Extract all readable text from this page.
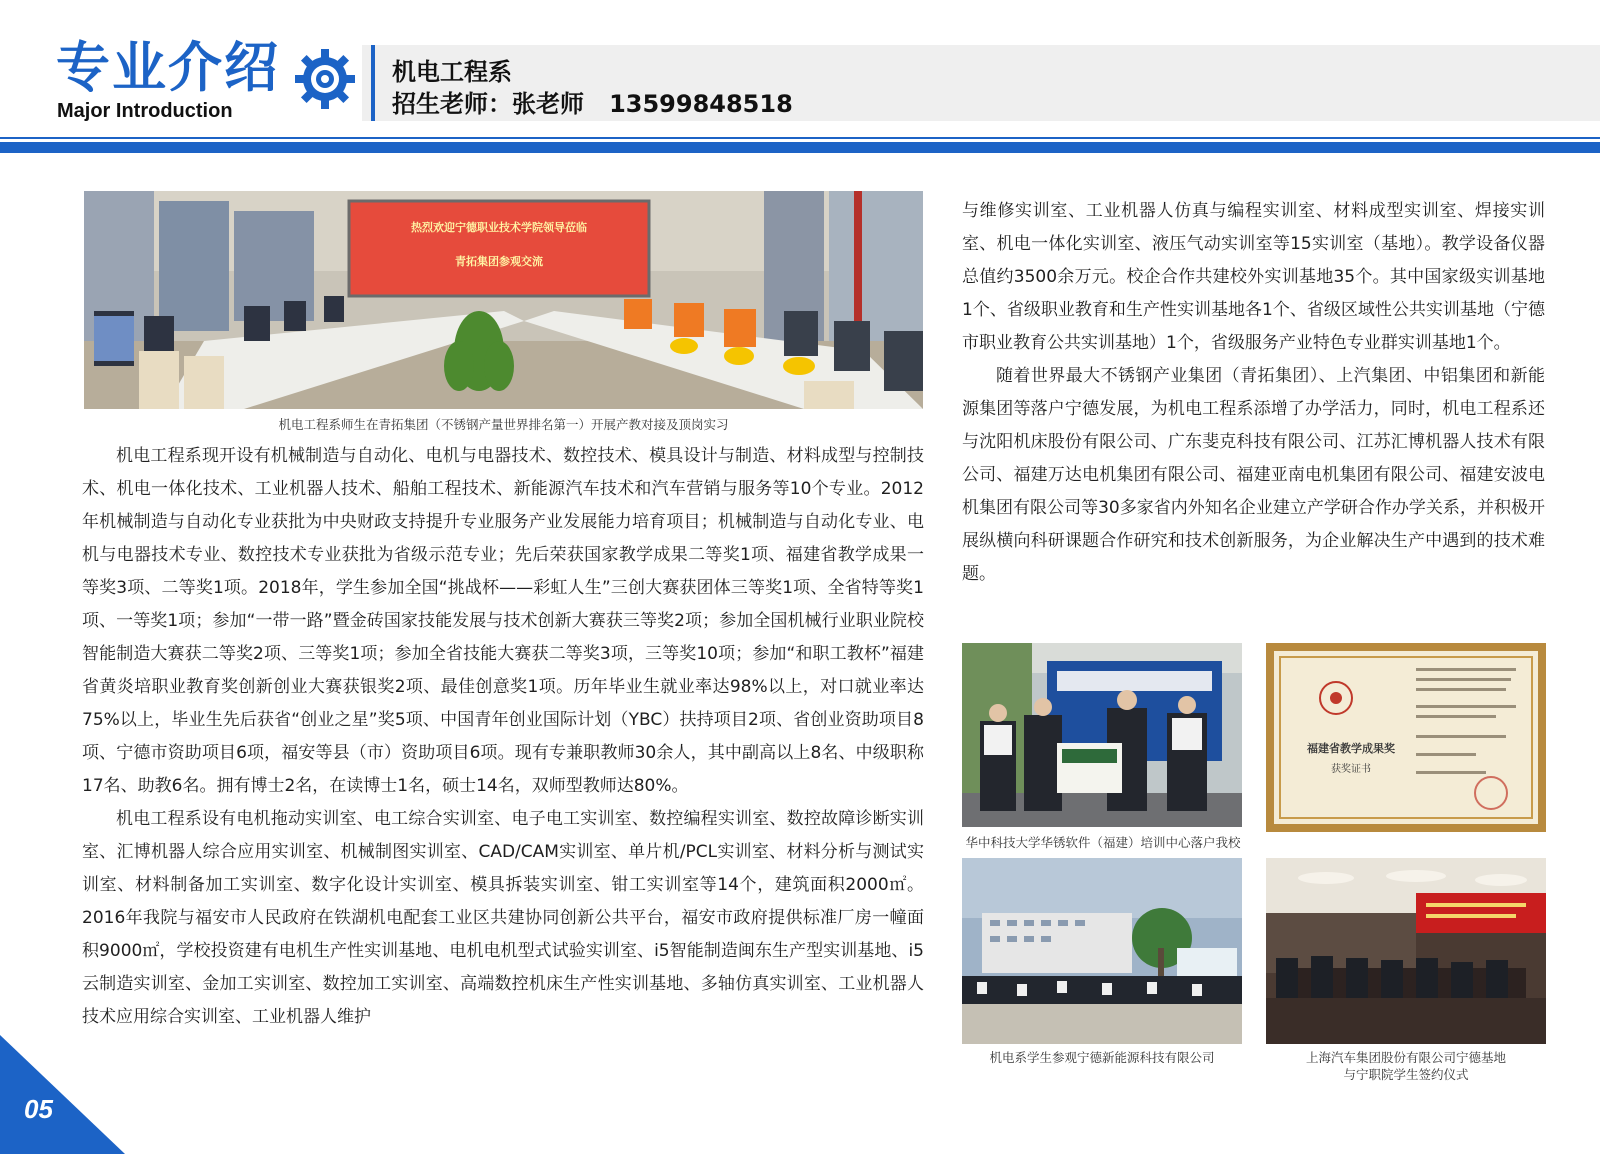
专业介绍
Major Introduction
机电工程系
招生老师：张老师 13599848518
热烈欢迎宁德职业技术学院领导莅临
青拓集团参观交流
机电工程系师生在青拓集团（不锈钢产量世界排名第一）开展产教对接及顶岗实习

机电工程系现开设有机械制造与自动化、电机与电器技术、数控技术、模具设计与制造、材料成型与控制技术、机电一体化技术、工业机器人技术、船舶工程技术、新能源汽车技术和汽车营销与服务等10个专业。2012年机械制造与自动化专业获批为中央财政支持提升专业服务产业发展能力培育项目；机械制造与自动化专业、电机与电器技术专业、数控技术专业获批为省级示范专业；先后荣获国家教学成果二等奖1项、福建省教学成果一等奖3项、二等奖1项。2018年，学生参加全国“挑战杯——彩虹人生”三创大赛获团体三等奖1项、全省特等奖1项、一等奖1项；参加“一带一路”暨金砖国家技能发展与技术创新大赛获三等奖2项；参加全国机械行业职业院校智能制造大赛获二等奖2项、三等奖1项；参加全省技能大赛获二等奖3项，三等奖10项；参加“和职工教杯”福建省黄炎培职业教育奖创新创业大赛获银奖2项、最佳创意奖1项。历年毕业生就业率达98%以上，对口就业率达75%以上，毕业生先后获省“创业之星”奖5项、中国青年创业国际计划（YBC）扶持项目2项、省创业资助项目8项、宁德市资助项目6项，福安等县（市）资助项目6项。现有专兼职教师30余人，其中副高以上8名、中级职称17名、助教6名。拥有博士2名，在读博士1名，硕士14名，双师型教师达80%。

机电工程系设有电机拖动实训室、电工综合实训室、电子电工实训室、数控编程实训室、数控故障诊断实训室、汇博机器人综合应用实训室、机械制图实训室、CAD/CAM实训室、单片机/PCL实训室、材料分析与测试实训室、材料制备加工实训室、数字化设计实训室、模具拆装实训室、钳工实训室等14个，建筑面积2000㎡。2016年我院与福安市人民政府在铁湖机电配套工业区共建协同创新公共平台，福安市政府提供标准厂房一幢面积9000㎡，学校投资建有电机生产性实训基地、电机电机型式试验实训室、i5智能制造闽东生产型实训基地、i5云制造实训室、金加工实训室、数控加工实训室、高端数控机床生产性实训基地、多轴仿真实训室、工业机器人技术应用综合实训室、工业机器人维护

与维修实训室、工业机器人仿真与编程实训室、材料成型实训室、焊接实训室、机电一体化实训室、液压气动实训室等15实训室（基地）。教学设备仪器总值约3500余万元。校企合作共建校外实训基地35个。其中国家级实训基地1个、省级职业教育和生产性实训基地各1个、省级区域性公共实训基地（宁德市职业教育公共实训基地）1个，省级服务产业特色专业群实训基地1个。

随着世界最大不锈钢产业集团（青拓集团）、上汽集团、中铝集团和新能源集团等落户宁德发展，为机电工程系添增了办学活力，同时，机电工程系还与沈阳机床股份有限公司、广东斐克科技有限公司、江苏汇博机器人技术有限公司、福建万达电机集团有限公司、福建亚南电机集团有限公司、福建安波电机集团有限公司等30多家省内外知名企业建立产学研合作办学关系，并积极开展纵横向科研课题合作研究和技术创新服务，为企业解决生产中遇到的技术难题。

华中科技大学华锈软件（福建）培训中心落户我校
福建省教学成果奖
获奖证书
机电系学生参观宁德新能源科技有限公司	上海汽车集团股份有限公司宁德基地
与宁职院学生签约仪式
05
